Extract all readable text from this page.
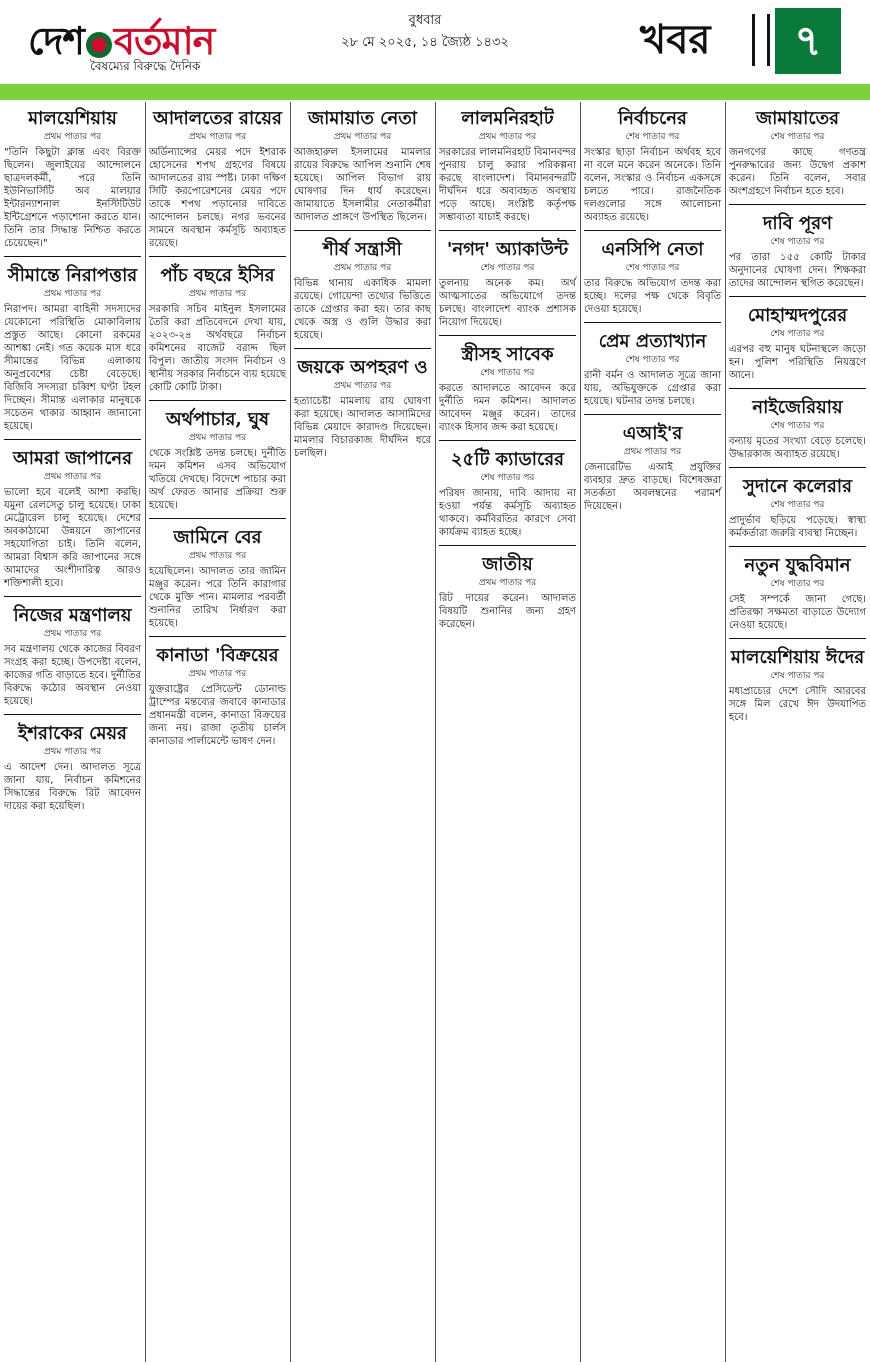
দেশ বর্তমান
বৈষম্যের বিরুদ্ধে দৈনিক
বুধবার
২৮ মে ২০২৫, ১৪ জ্যৈষ্ঠ ১৪৩২	খবর	৭
মালয়েশিয়ায়
প্রথম পাতার পর

"তিনি কিছুটা ক্লান্ত এবং বিরক্ত ছিলেন। জুলাইয়ের আন্দোলনে ছাত্রদলকর্মী, পরে তিনি ইউনিভার্সিটি অব মালয়ার ইন্টারন্যাশনাল ইনস্টিটিউট ইন্টিগ্রেশনে পড়াশোনা করতে যান। তিনি তার সিদ্ধান্ত নিশ্চিত করতে চেয়েছেন।"

সীমান্তে নিরাপত্তার
প্রথম পাতার পর

নিরাপদ। আমরা বাহিনী সদস্যদের যেকোনো পরিস্থিতি মোকাবিলায় প্রস্তুত আছে। কোনো রকমের আশঙ্কা নেই। গত কয়েক মাস ধরে সীমান্তের বিভিন্ন এলাকায় অনুপ্রবেশের চেষ্টা বেড়েছে। বিজিবি সদস্যরা চব্বিশ ঘণ্টা টহল দিচ্ছেন। সীমান্ত এলাকার মানুষকে সচেতন থাকার আহ্বান জানানো হয়েছে।

আমরা জাপানের
প্রথম পাতার পর

ভালো হবে বলেই আশা করছি। যমুনা রেলসেতু চালু হয়েছে। ঢাকা মেট্রোরেল চালু হয়েছে। দেশের অবকাঠামো উন্নয়নে জাপানের সহযোগিতা চাই। তিনি বলেন, আমরা বিশ্বাস করি জাপানের সঙ্গে আমাদের অংশীদারিত্ব আরও শক্তিশালী হবে।

নিজের মন্ত্রণালয়
প্রথম পাতার পর

সব মন্ত্রণালয় থেকে কাজের বিবরণ সংগ্রহ করা হচ্ছে। উপদেষ্টা বলেন, কাজের গতি বাড়াতে হবে। দুর্নীতির বিরুদ্ধে কঠোর অবস্থান নেওয়া হয়েছে।

ইশরাকের মেয়র
প্রথম পাতার পর

এ আদেশ দেন। আদালত সূত্রে জানা যায়, নির্বাচন কমিশনের সিদ্ধান্তের বিরুদ্ধে রিট আবেদন দায়ের করা হয়েছিল।

আদালতের রায়ের
প্রথম পাতার পর

অর্ডিন্যান্সের মেয়র পদে ইশরাক হোসেনের শপথ গ্রহণের বিষয়ে আদালতের রায় স্পষ্ট। ঢাকা দক্ষিণ সিটি করপোরেশনের মেয়র পদে তাকে শপথ পড়ানোর দাবিতে আন্দোলন চলছে। নগর ভবনের সামনে অবস্থান কর্মসূচি অব্যাহত রয়েছে।

পাঁচ বছরে ইসির
প্রথম পাতার পর

সরকারি সচিব মাইনুল ইসলামের তৈরি করা প্রতিবেদনে দেখা যায়, ২০২৩-২৪ অর্থবছরে নির্বাচন কমিশনের বাজেট বরাদ্দ ছিল বিপুল। জাতীয় সংসদ নির্বাচন ও স্থানীয় সরকার নির্বাচনে ব্যয় হয়েছে কোটি কোটি টাকা।

অর্থপাচার, ঘুষ
প্রথম পাতার পর

থেকে সংশ্লিষ্ট তদন্ত চলছে। দুর্নীতি দমন কমিশন এসব অভিযোগ খতিয়ে দেখছে। বিদেশে পাচার করা অর্থ ফেরত আনার প্রক্রিয়া শুরু হয়েছে।

জামিনে বের
প্রথম পাতার পর

হয়েছিলেন। আদালত তার জামিন মঞ্জুর করেন। পরে তিনি কারাগার থেকে মুক্তি পান। মামলার পরবর্তী শুনানির তারিখ নির্ধারণ করা হয়েছে।

কানাডা 'বিক্রয়ের
প্রথম পাতার পর

যুক্তরাষ্ট্রের প্রেসিডেন্ট ডোনাল্ড ট্রাম্পের মন্তব্যের জবাবে কানাডার প্রধানমন্ত্রী বলেন, কানাডা বিক্রয়ের জন্য নয়। রাজা তৃতীয় চার্লস কানাডার পার্লামেন্টে ভাষণ দেন।

জামায়াত নেতা
প্রথম পাতার পর

আজহারুল ইসলামের মামলার রায়ের বিরুদ্ধে আপিল শুনানি শেষ হয়েছে। আপিল বিভাগ রায় ঘোষণার দিন ধার্য করেছেন। জামায়াতে ইসলামীর নেতাকর্মীরা আদালত প্রাঙ্গণে উপস্থিত ছিলেন।

শীর্ষ সন্ত্রাসী
প্রথম পাতার পর

বিভিন্ন থানায় একাধিক মামলা রয়েছে। গোয়েন্দা তথ্যের ভিত্তিতে তাকে গ্রেপ্তার করা হয়। তার কাছ থেকে অস্ত্র ও গুলি উদ্ধার করা হয়েছে।

জয়কে অপহরণ ও
প্রথম পাতার পর

হত্যাচেষ্টা মামলায় রায় ঘোষণা করা হয়েছে। আদালত আসামিদের বিভিন্ন মেয়াদে কারাদণ্ড দিয়েছেন। মামলার বিচারকাজ দীর্ঘদিন ধরে চলছিল।

লালমনিরহাট
প্রথম পাতার পর

সরকারের লালমনিরহাট বিমানবন্দর পুনরায় চালু করার পরিকল্পনা করছে বাংলাদেশ। বিমানবন্দরটি দীর্ঘদিন ধরে অব্যবহৃত অবস্থায় পড়ে আছে। সংশ্লিষ্ট কর্তৃপক্ষ সম্ভাব্যতা যাচাই করছে।

'নগদ' অ্যাকাউন্ট
শেষ পাতার পর

তুলনায় অনেক কম। অর্থ আত্মসাতের অভিযোগে তদন্ত চলছে। বাংলাদেশ ব্যাংক প্রশাসক নিয়োগ দিয়েছে।

স্ত্রীসহ সাবেক
শেষ পাতার পর

করতে আদালতে আবেদন করে দুর্নীতি দমন কমিশন। আদালত আবেদন মঞ্জুর করেন। তাদের ব্যাংক হিসাব জব্দ করা হয়েছে।

২৫টি ক্যাডারের
শেষ পাতার পর

পরিষদ জানায়, দাবি আদায় না হওয়া পর্যন্ত কর্মসূচি অব্যাহত থাকবে। কর্মবিরতির কারণে সেবা কার্যক্রম ব্যাহত হচ্ছে।

জাতীয়
প্রথম পাতার পর

রিট দায়ের করেন। আদালত বিষয়টি শুনানির জন্য গ্রহণ করেছেন।

নির্বাচনের
শেষ পাতার পর

সংস্কার ছাড়া নির্বাচন অর্থবহ হবে না বলে মনে করেন অনেকে। তিনি বলেন, সংস্কার ও নির্বাচন একসঙ্গে চলতে পারে। রাজনৈতিক দলগুলোর সঙ্গে আলোচনা অব্যাহত রয়েছে।

এনসিপি নেতা
শেষ পাতার পর

তার বিরুদ্ধে অভিযোগ তদন্ত করা হচ্ছে। দলের পক্ষ থেকে বিবৃতি দেওয়া হয়েছে।

প্রেম প্রত্যাখ্যান
শেষ পাতার পর

রানী বর্মন ও আদালত সূত্রে জানা যায়, অভিযুক্তকে গ্রেপ্তার করা হয়েছে। ঘটনার তদন্ত চলছে।

এআই'র
প্রথম পাতার পর

জেনারেটিভ এআই প্রযুক্তির ব্যবহার দ্রুত বাড়ছে। বিশেষজ্ঞরা সতর্কতা অবলম্বনের পরামর্শ দিয়েছেন।

জামায়াতের
শেষ পাতার পর

জনগণের কাছে গণতন্ত্র পুনরুদ্ধারের জন্য উদ্বেগ প্রকাশ করেন। তিনি বলেন, সবার অংশগ্রহণে নির্বাচন হতে হবে।

দাবি পূরণ
শেষ পাতার পর

পর তারা ১৫৫ কোটি টাকার অনুদানের ঘোষণা দেন। শিক্ষকরা তাদের আন্দোলন স্থগিত করেছেন।

মোহাম্মদপুরের
শেষ পাতার পর

এরপর বহু মানুষ ঘটনাস্থলে জড়ো হন। পুলিশ পরিস্থিতি নিয়ন্ত্রণে আনে।

নাইজেরিয়ায়
শেষ পাতার পর

বন্যায় মৃতের সংখ্যা বেড়ে চলেছে। উদ্ধারকাজ অব্যাহত রয়েছে।

সুদানে কলেরার
শেষ পাতার পর

প্রাদুর্ভাব ছড়িয়ে পড়েছে। স্বাস্থ্য কর্মকর্তারা জরুরি ব্যবস্থা নিচ্ছেন।

নতুন যুদ্ধবিমান
শেষ পাতার পর

সেই সম্পর্কে জানা গেছে। প্রতিরক্ষা সক্ষমতা বাড়াতে উদ্যোগ নেওয়া হয়েছে।

মালয়েশিয়ায় ঈদের
শেষ পাতার পর

মধ্যপ্রাচ্যের দেশে সৌদি আরবের সঙ্গে মিল রেখে ঈদ উদযাপিত হবে।
